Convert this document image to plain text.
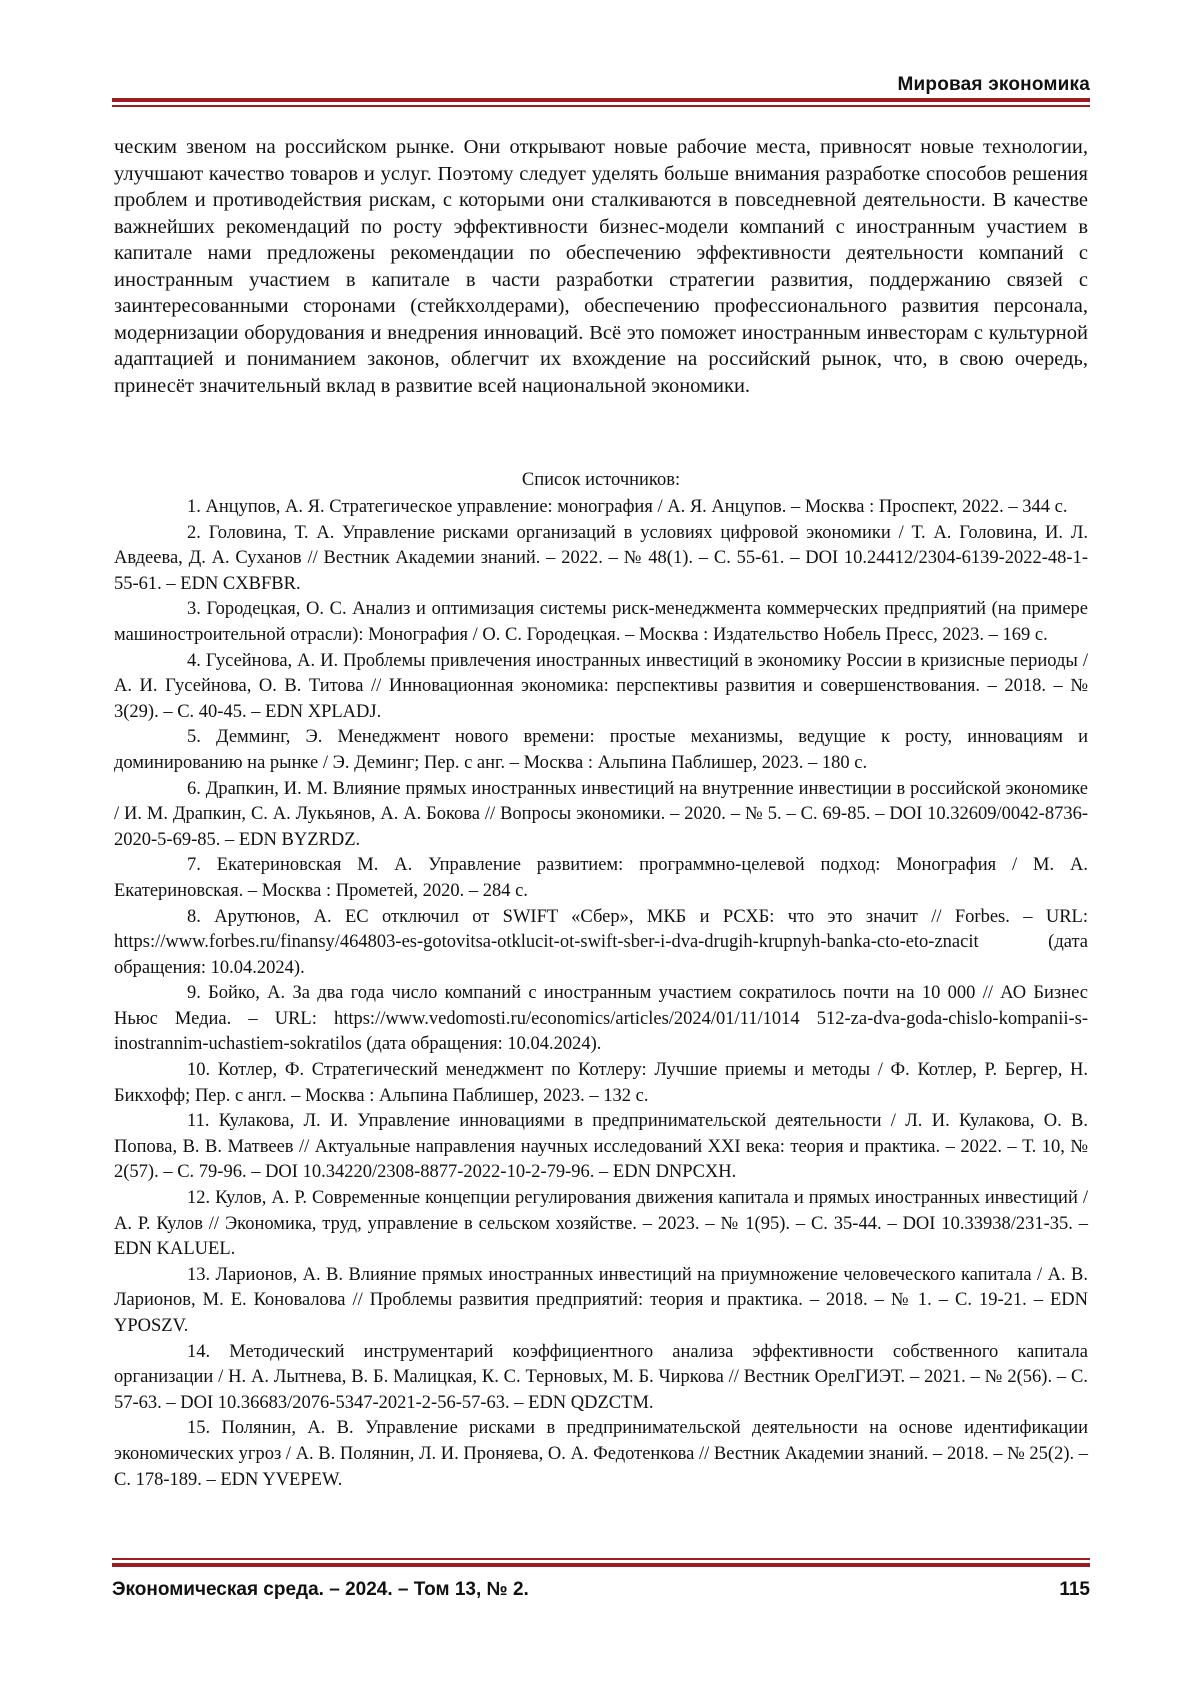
Мировая экономика

ческим звеном на российском рынке. Они открывают новые рабочие места, привносят новые технологии, улучшают качество товаров и услуг. Поэтому следует уделять больше внимания разработке способов решения проблем и противодействия рискам, с которыми они сталкиваются в повседневной деятельности. В качестве важнейших рекомендаций по росту эффективности бизнес-модели компаний с иностранным участием в капитале нами предложены рекомендации по обеспечению эффективности деятельности компаний с иностранным участием в капитале в части разработки стратегии развития, поддержанию связей с заинтересованными сторонами (стейкхолдерами), обеспечению профессионального развития персонала, модернизации оборудования и внедрения инноваций. Всё это поможет иностранным инвесторам с культурной адаптацией и пониманием законов, облегчит их вхождение на российский рынок, что, в свою очередь, принесёт значительный вклад в развитие всей национальной экономики.

Список источников:
1. Анцупов, А. Я. Стратегическое управление: монография / А. Я. Анцупов. – Москва : Проспект, 2022. – 344 с.
2. Головина, Т. А. Управление рисками организаций в условиях цифровой экономики / Т. А. Головина, И. Л. Авдеева, Д. А. Суханов // Вестник Академии знаний. – 2022. – № 48(1). – С. 55-61. – DOI 10.24412/2304-6139-2022-48-1-55-61. – EDN CXBFBR.
3. Городецкая, О. С. Анализ и оптимизация системы риск-менеджмента коммерческих предприятий (на примере машиностроительной отрасли): Монография / О. С. Городецкая. – Москва : Издательство Нобель Пресс, 2023. – 169 с.
4. Гусейнова, А. И. Проблемы привлечения иностранных инвестиций в экономику России в кризисные периоды / А. И. Гусейнова, О. В. Титова // Инновационная экономика: перспективы развития и совершенствования. – 2018. – № 3(29). – С. 40-45. – EDN XPLADJ.
5. Демминг, Э. Менеджмент нового времени: простые механизмы, ведущие к росту, инновациям и доминированию на рынке / Э. Деминг; Пер. с анг. – Москва : Альпина Паблишер, 2023. – 180 с.
6. Драпкин, И. М. Влияние прямых иностранных инвестиций на внутренние инвестиции в российской экономике / И. М. Драпкин, С. А. Лукьянов, А. А. Бокова // Вопросы экономики. – 2020. – № 5. – С. 69-85. – DOI 10.32609/0042-8736-2020-5-69-85. – EDN BYZRDZ.
7. Екатериновская М. А. Управление развитием: программно-целевой подход: Монография / М. А. Екатериновская. – Москва : Прометей, 2020. – 284 с.
8. Арутюнов, А. ЕС отключил от SWIFT «Сбер», МКБ и РСХБ: что это значит // Forbes. – URL: https://www.forbes.ru/finansy/464803-es-gotovitsa-otklucit-ot-swift-sber-i-dva-drugih-krupnyh-banka-cto-eto-znacit (дата обращения: 10.04.2024).
9. Бойко, А. За два года число компаний с иностранным участием сократилось почти на 10 000 // АО Бизнес Ньюс Медиа. – URL: https://www.vedomosti.ru/economics/articles/2024/01/11/1014 512-za-dva-goda-chislo-kompanii-s-inostrannim-uchastiem-sokratilos (дата обращения: 10.04.2024).
10. Котлер, Ф. Стратегический менеджмент по Котлеру: Лучшие приемы и методы / Ф. Котлер, Р. Бергер, Н. Бикхофф; Пер. с англ. – Москва : Альпина Паблишер, 2023. – 132 с.
11. Кулакова, Л. И. Управление инновациями в предпринимательской деятельности / Л. И. Кулакова, О. В. Попова, В. В. Матвеев // Актуальные направления научных исследований XXI века: теория и практика. – 2022. – Т. 10, № 2(57). – С. 79-96. – DOI 10.34220/2308-8877-2022-10-2-79-96. – EDN DNPCXH.
12. Кулов, А. Р. Современные концепции регулирования движения капитала и прямых иностранных инвестиций / А. Р. Кулов // Экономика, труд, управление в сельском хозяйстве. – 2023. – № 1(95). – С. 35-44. – DOI 10.33938/231-35. – EDN KALUEL.
13. Ларионов, А. В. Влияние прямых иностранных инвестиций на приумножение человеческого капитала / А. В. Ларионов, М. Е. Коновалова // Проблемы развития предприятий: теория и практика. – 2018. – № 1. – С. 19-21. – EDN YPOSZV.
14. Методический инструментарий коэффициентного анализа эффективности собственного капитала организации / Н. А. Лытнева, В. Б. Малицкая, К. С. Терновых, М. Б. Чиркова // Вестник ОрелГИЭТ. – 2021. – № 2(56). – С. 57-63. – DOI 10.36683/2076-5347-2021-2-56-57-63. – EDN QDZCTM.
15. Полянин, А. В. Управление рисками в предпринимательской деятельности на основе идентификации экономических угроз / А. В. Полянин, Л. И. Проняева, О. А. Федотенкова // Вестник Академии знаний. – 2018. – № 25(2). – С. 178-189. – EDN YVEPEW.
Экономическая среда. – 2024. – Том 13, № 2.	115
